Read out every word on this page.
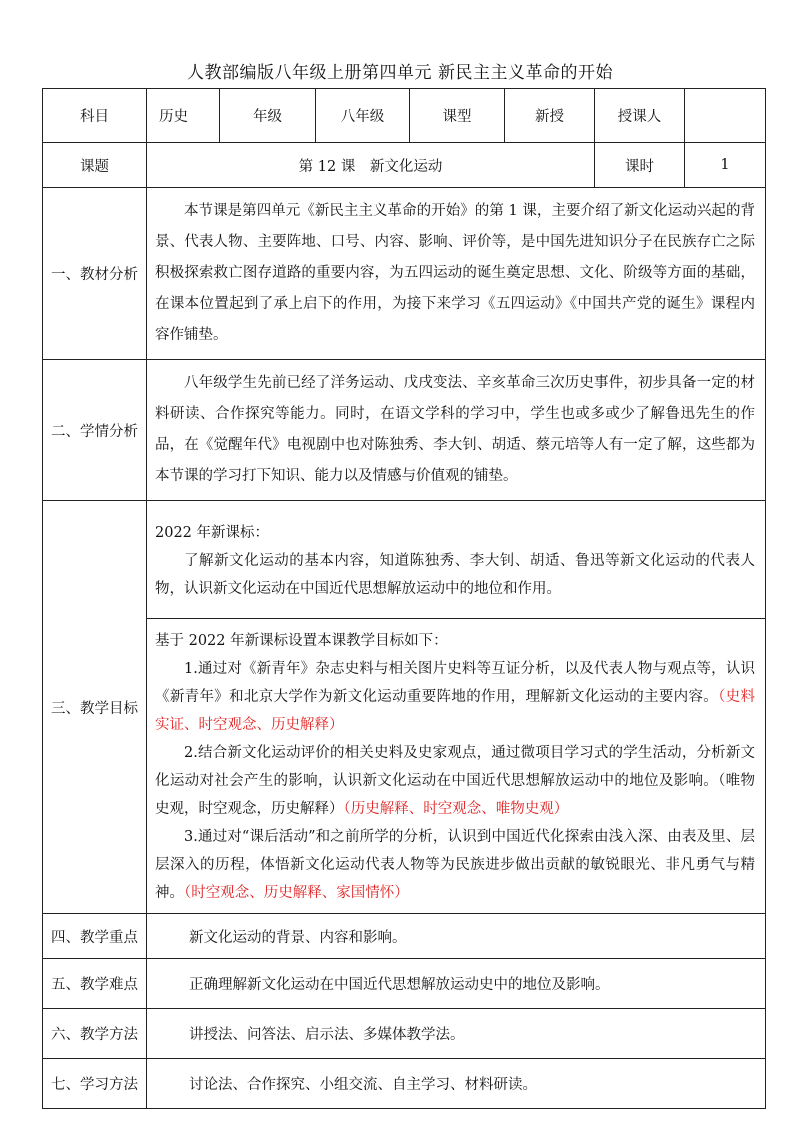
人教部编版八年级上册第四单元 新民主主义革命的开始
科目	历史	年级	八年级	课型	新授	授课人	
课题	第 12 课　新文化运动					课时	1
一、教材分析	本节课是第四单元《新民主主义革命的开始》的第 1 课，主要介绍了新文化运动兴起的背景、代表人物、主要阵地、口号、内容、影响、评价等，是中国先进知识分子在民族存亡之际积极探索救亡图存道路的重要内容，为五四运动的诞生奠定思想、文化、阶级等方面的基础，在课本位置起到了承上启下的作用，为接下来学习《五四运动》《中国共产党的诞生》课程内容作铺垫。						

二、学情分析	八年级学生先前已经了洋务运动、戊戌变法、辛亥革命三次历史事件，初步具备一定的材料研读、合作探究等能力。同时，在语文学科的学习中，学生也或多或少了解鲁迅先生的作品，在《觉醒年代》电视剧中也对陈独秀、李大钊、胡适、蔡元培等人有一定了解，这些都为本节课的学习打下知识、能力以及情感与价值观的铺垫。						

三、教学目标	2022 年新课标：

了解新文化运动的基本内容，知道陈独秀、李大钊、胡适、鲁迅等新文化运动的代表人物，认识新文化运动在中国近代思想解放运动中的地位和作用。						

	基于 2022 年新课标设置本课教学目标如下：

1.通过对《新青年》杂志史料与相关图片史料等互证分析，以及代表人物与观点等，认识《新青年》和北京大学作为新文化运动重要阵地的作用，理解新文化运动的主要内容。（史料实证、时空观念、历史解释）

2.结合新文化运动评价的相关史料及史家观点，通过微项目学习式的学生活动，分析新文化运动对社会产生的影响，认识新文化运动在中国近代思想解放运动中的地位及影响。（唯物史观，时空观念，历史解释）（历史解释、时空观念、唯物史观）

3.通过对“课后活动”和之前所学的分析，认识到中国近代化探索由浅入深、由表及里、层层深入的历程，体悟新文化运动代表人物等为民族进步做出贡献的敏锐眼光、非凡勇气与精神。（时空观念、历史解释、家国情怀）						

四、教学重点	新文化运动的背景、内容和影响。						
五、教学难点	正确理解新文化运动在中国近代思想解放运动史中的地位及影响。						
六、教学方法	讲授法、问答法、启示法、多媒体教学法。						
七、学习方法	讨论法、合作探究、小组交流、自主学习、材料研读。						
